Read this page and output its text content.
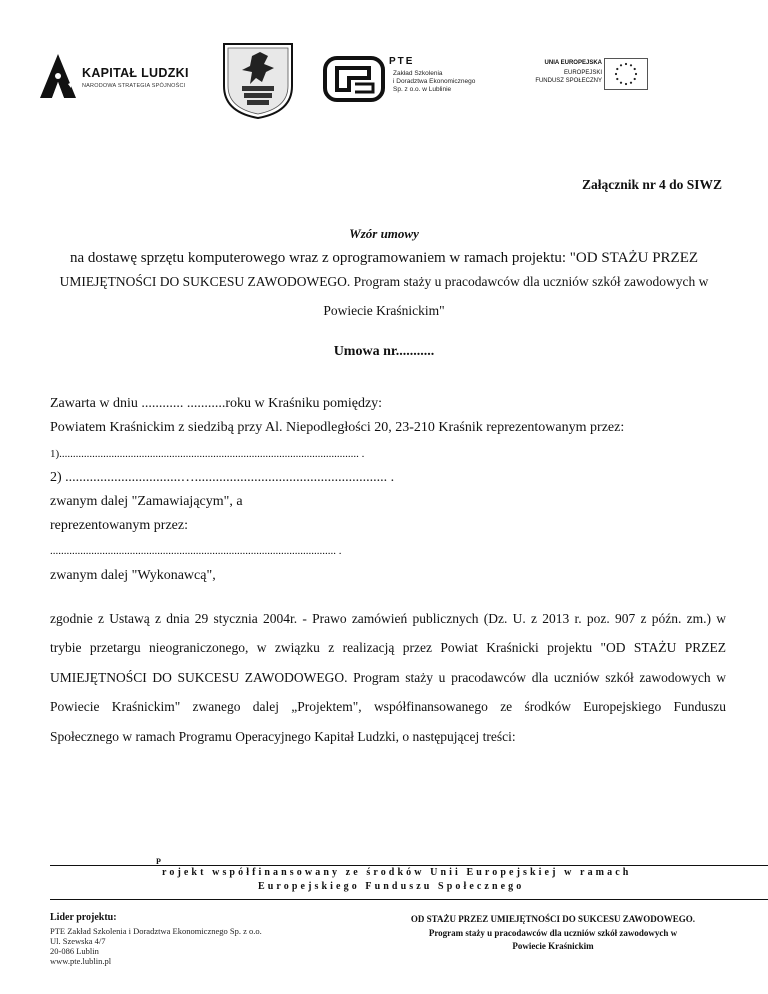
KAPITAŁ LUDZKI
NARODOWA STRATEGIA SPÓJNOŚCI
PTE
Zakład Szkolenia
i Doradztwa Ekonomicznego
Sp. z o.o. w Lublinie
UNIA EUROPEJSKA
EUROPEJSKI
FUNDUSZ SPOŁECZNY
Załącznik nr 4 do SIWZ
Wzór umowy
na dostawę sprzętu komputerowego wraz z oprogramowaniem w ramach projektu: "OD STAŻU PRZEZ
UMIEJĘTNOŚCI DO SUKCESU ZAWODOWEGO. Program staży u pracodawców dla uczniów szkół zawodowych w
Powiecie Kraśnickim"
Umowa nr...........
Zawarta w dniu ............ ...........roku w Kraśniku pomiędzy:
Powiatem Kraśnickim z siedzibą przy Al. Niepodległości 20, 23-210 Kraśnik reprezentowanym przez:
1)............................................................................................................. .
2) .................................…....................................................... .
zwanym dalej "Zamawiającym", a
reprezentowanym przez:
........................................................................................................ .
zwanym dalej "Wykonawcą",
zgodnie z Ustawą z dnia 29 stycznia 2004r. - Prawo zamówień publicznych (Dz. U. z 2013 r. poz. 907 z późn. zm.) w
trybie przetargu nieograniczonego, w związku z realizacją przez Powiat Kraśnicki projektu "OD STAŻU PRZEZ
UMIEJĘTNOŚCI DO SUKCESU ZAWODOWEGO. Program staży u pracodawców dla uczniów szkół zawodowych w
Powiecie Kraśnickim" zwanego dalej „Projektem", współfinansowanego ze środków Europejskiego Funduszu
Społecznego w ramach Programu Operacyjnego Kapitał Ludzki, o następującej treści:
P
rojekt współfinansowany ze środków Unii Europejskiej w ramach
Europejskiego Funduszu Społecznego
Lider projektu:
PTE Zakład Szkolenia i Doradztwa Ekonomicznego Sp. z o.o.
Ul. Szewska 4/7
20-086 Lublin
www.pte.lublin.pl
OD STAŻU PRZEZ UMIEJĘTNOŚCI DO SUKCESU ZAWODOWEGO.
Program staży u pracodawców dla uczniów szkół zawodowych w
Powiecie Kraśnickim
